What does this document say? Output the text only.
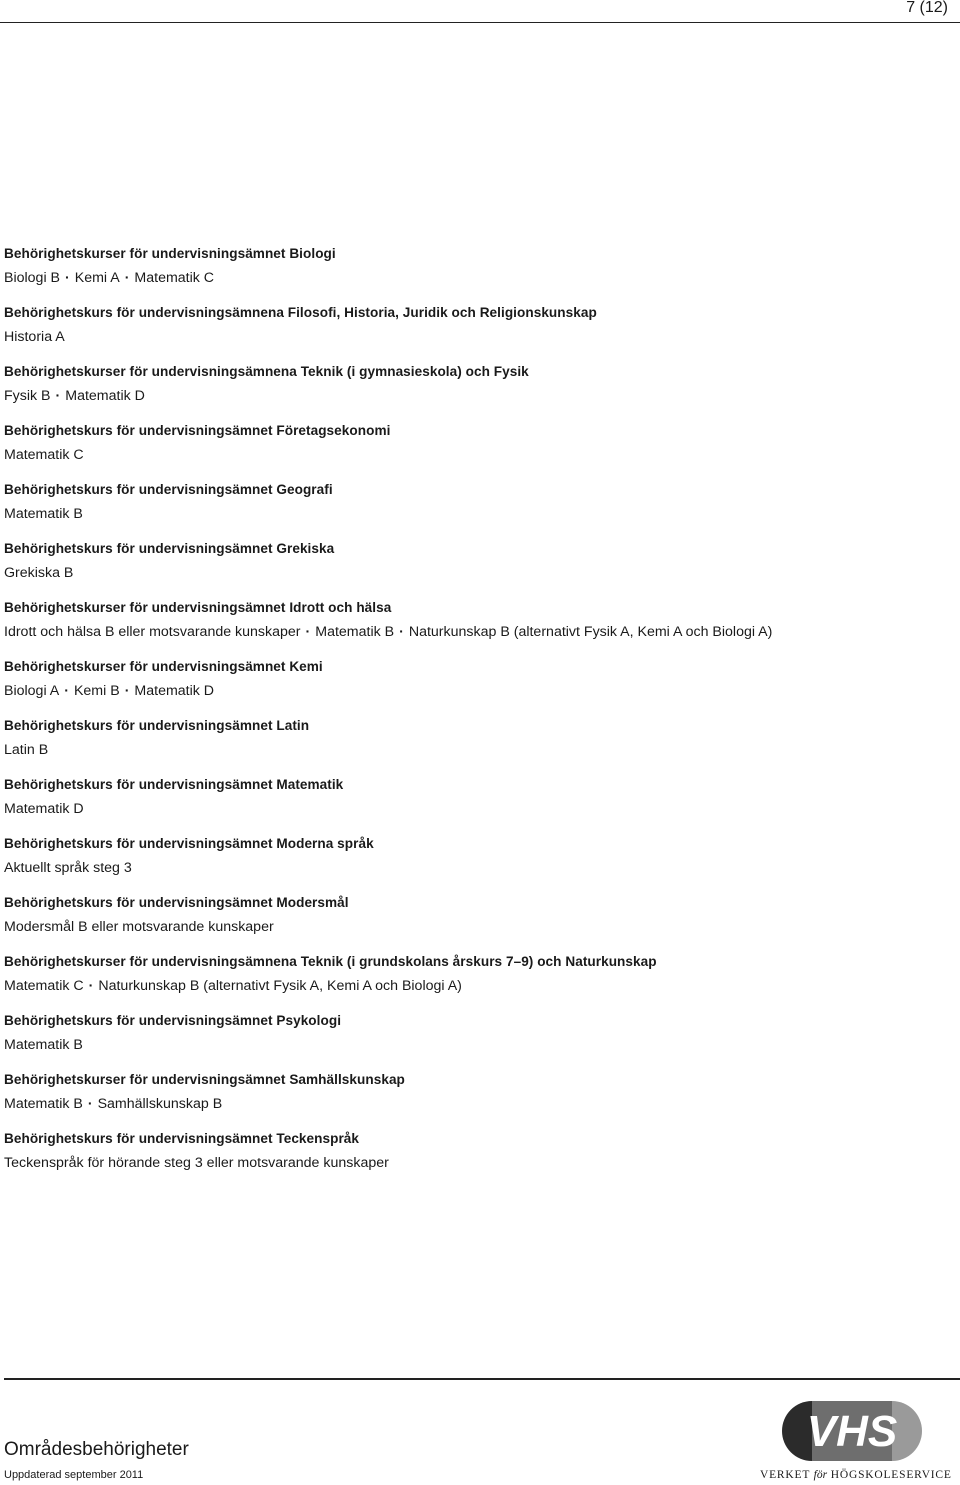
7 (12)
Behörighetskurser för undervisningsämnet Biologi
Biologi B · Kemi A · Matematik C
Behörighetskurs för undervisningsämnena Filosofi, Historia, Juridik och Religionskunskap
Historia A
Behörighetskurser för undervisningsämnena Teknik (i gymnasieskola) och Fysik
Fysik B · Matematik D
Behörighetskurs för undervisningsämnet Företagsekonomi
Matematik C
Behörighetskurs för undervisningsämnet Geografi
Matematik B
Behörighetskurs för undervisningsämnet Grekiska
Grekiska B
Behörighetskurser för undervisningsämnet Idrott och hälsa
Idrott och hälsa B eller motsvarande kunskaper · Matematik B · Naturkunskap B (alternativt Fysik A, Kemi A och Biologi A)
Behörighetskurser för undervisningsämnet Kemi
Biologi A · Kemi B · Matematik D
Behörighetskurs för undervisningsämnet Latin
Latin B
Behörighetskurs för undervisningsämnet Matematik
Matematik D
Behörighetskurs för undervisningsämnet Moderna språk
Aktuellt språk steg 3
Behörighetskurs för undervisningsämnet Modersmål
Modersmål B eller motsvarande kunskaper
Behörighetskurser för undervisningsämnena Teknik (i grundskolans årskurs 7–9) och Naturkunskap
Matematik C · Naturkunskap B (alternativt Fysik A, Kemi A och Biologi A)
Behörighetskurs för undervisningsämnet Psykologi
Matematik B
Behörighetskurser för undervisningsämnet Samhällskunskap
Matematik B · Samhällskunskap B
Behörighetskurs för undervisningsämnet Teckenspråk
Teckenspråk för hörande steg 3 eller motsvarande kunskaper
Områdesbehörigheter
Uppdaterad september 2011
VHS
VERKET för HÖGSKOLESERVICE
